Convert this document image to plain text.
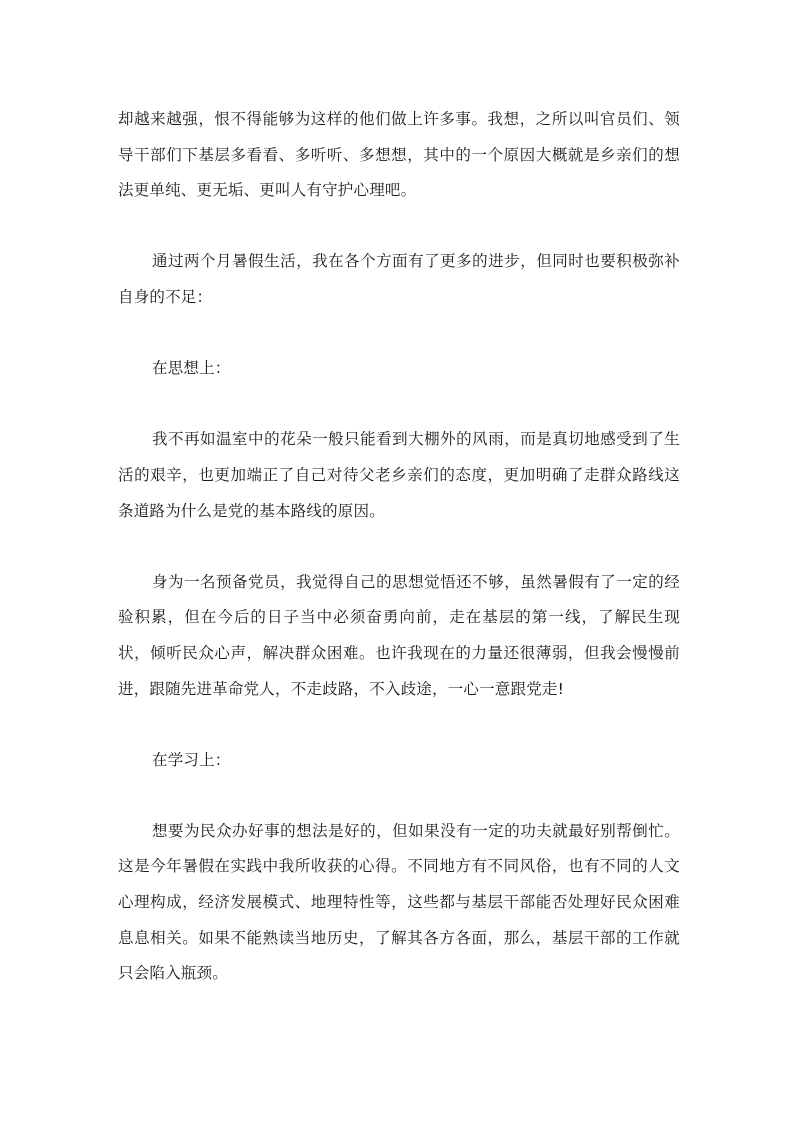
却越来越强，恨不得能够为这样的他们做上许多事。我想，之所以叫官员们、领导干部们下基层多看看、多听听、多想想，其中的一个原因大概就是乡亲们的想法更单纯、更无垢、更叫人有守护心理吧。

通过两个月暑假生活，我在各个方面有了更多的进步，但同时也要积极弥补自身的不足：

在思想上：

我不再如温室中的花朵一般只能看到大棚外的风雨，而是真切地感受到了生活的艰辛，也更加端正了自己对待父老乡亲们的态度，更加明确了走群众路线这条道路为什么是党的基本路线的原因。

身为一名预备党员，我觉得自己的思想觉悟还不够，虽然暑假有了一定的经验积累，但在今后的日子当中必须奋勇向前，走在基层的第一线，了解民生现状，倾听民众心声，解决群众困难。也许我现在的力量还很薄弱，但我会慢慢前进，跟随先进革命党人，不走歧路，不入歧途，一心一意跟党走!

在学习上：

想要为民众办好事的想法是好的，但如果没有一定的功夫就最好别帮倒忙。这是今年暑假在实践中我所收获的心得。不同地方有不同风俗，也有不同的人文心理构成，经济发展模式、地理特性等，这些都与基层干部能否处理好民众困难息息相关。如果不能熟读当地历史，了解其各方各面，那么，基层干部的工作就只会陷入瓶颈。
